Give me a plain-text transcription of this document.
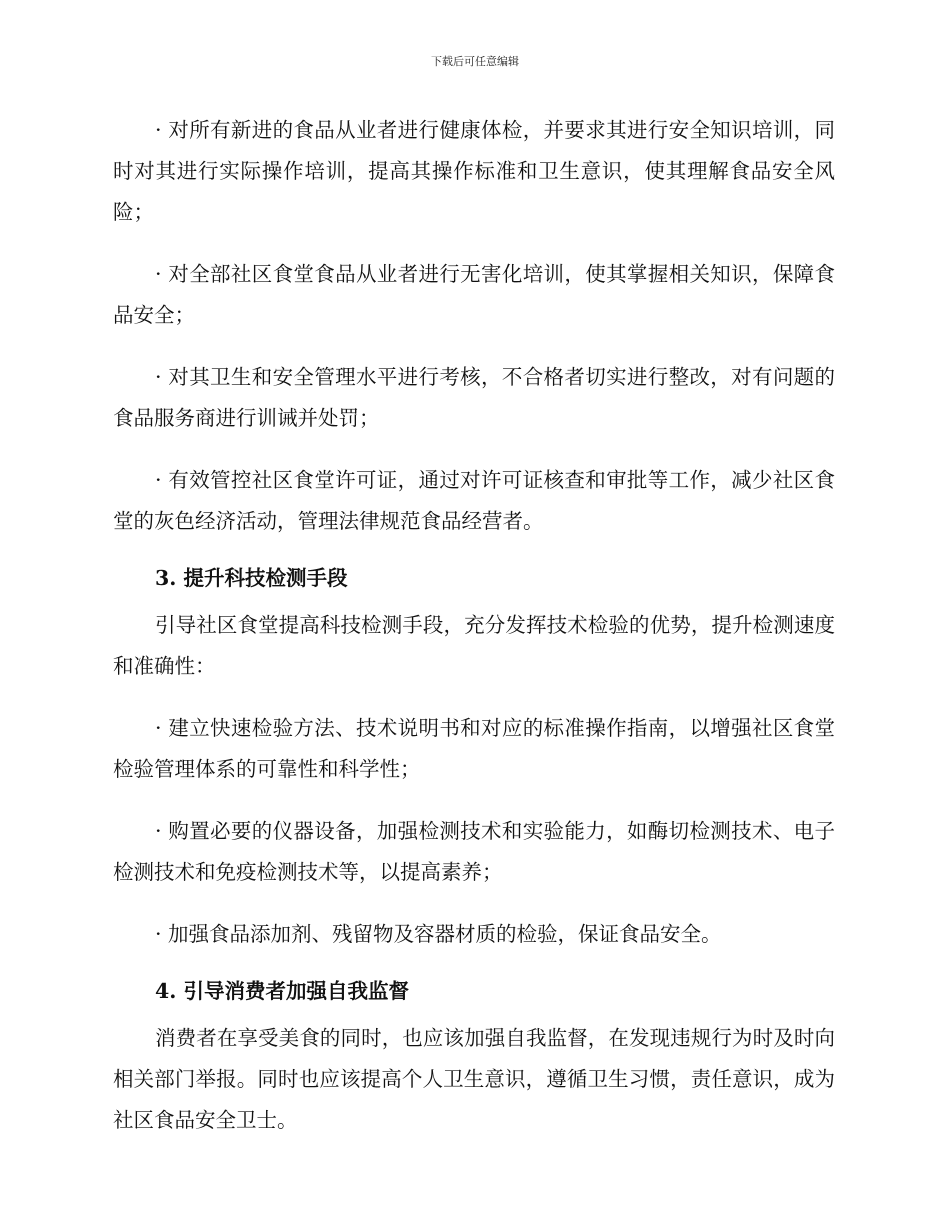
下载后可任意编辑

· 对所有新进的食品从业者进行健康体检，并要求其进行安全知识培训，同时对其进行实际操作培训，提高其操作标准和卫生意识，使其理解食品安全风险；

· 对全部社区食堂食品从业者进行无害化培训，使其掌握相关知识，保障食品安全；

· 对其卫生和安全管理水平进行考核，不合格者切实进行整改，对有问题的食品服务商进行训诫并处罚；

· 有效管控社区食堂许可证，通过对许可证核查和审批等工作，减少社区食堂的灰色经济活动，管理法律规范食品经营者。

3. 提升科技检测手段

引导社区食堂提高科技检测手段，充分发挥技术检验的优势，提升检测速度和准确性：

· 建立快速检验方法、技术说明书和对应的标准操作指南，以增强社区食堂检验管理体系的可靠性和科学性；

· 购置必要的仪器设备，加强检测技术和实验能力，如酶切检测技术、电子检测技术和免疫检测技术等，以提高素养；

· 加强食品添加剂、残留物及容器材质的检验，保证食品安全。

4. 引导消费者加强自我监督

消费者在享受美食的同时，也应该加强自我监督，在发现违规行为时及时向相关部门举报。同时也应该提高个人卫生意识，遵循卫生习惯，责任意识，成为社区食品安全卫士。
